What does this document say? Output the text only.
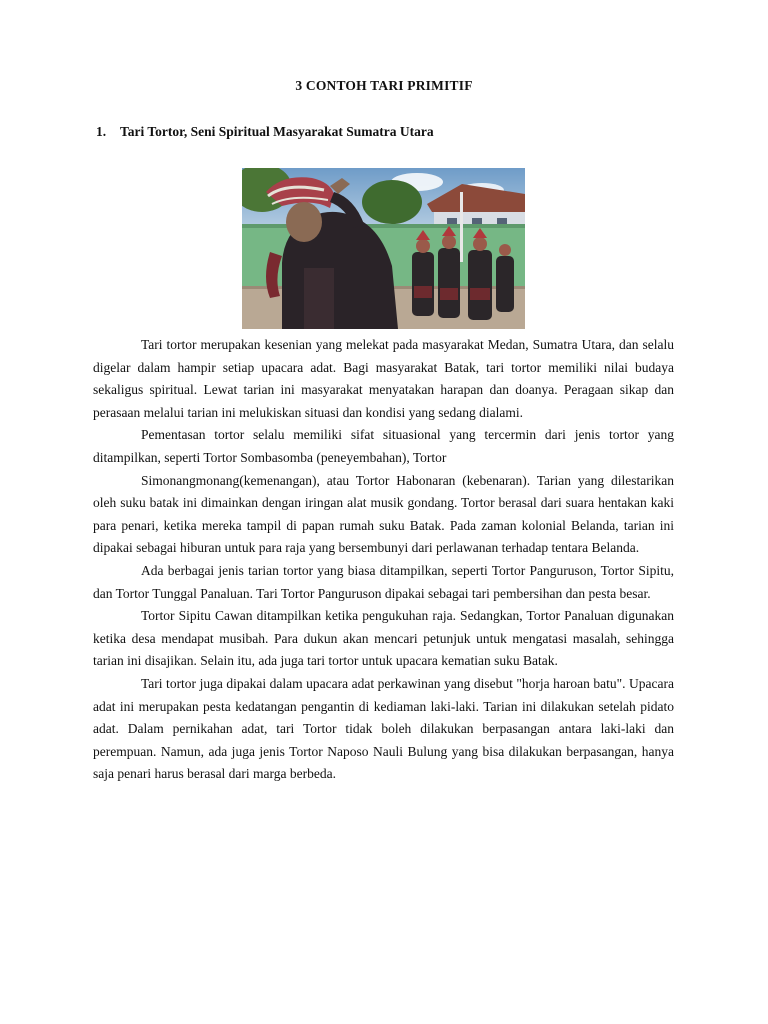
3 CONTOH TARI PRIMITIF
1. Tari Tortor, Seni Spiritual Masyarakat Sumatra Utara

Tari tortor merupakan kesenian yang melekat pada masyarakat Medan, Sumatra Utara, dan selalu digelar dalam hampir setiap upacara adat. Bagi masyarakat Batak, tari tortor memiliki nilai budaya sekaligus spiritual. Lewat tarian ini masyarakat menyatakan harapan dan doanya. Peragaan sikap dan perasaan melalui tarian ini melukiskan situasi dan kondisi yang sedang dialami.

Pementasan tortor selalu memiliki sifat situasional yang tercermin dari jenis tortor yang ditampilkan, seperti Tortor Sombasomba (peneyembahan), Tortor

Simonangmonang(kemenangan), atau Tortor Habonaran (kebenaran). Tarian yang dilestarikan oleh suku batak ini dimainkan dengan iringan alat musik gondang. Tortor berasal dari suara hentakan kaki para penari, ketika mereka tampil di papan rumah suku Batak. Pada zaman kolonial Belanda, tarian ini dipakai sebagai hiburan untuk para raja yang bersembunyi dari perlawanan terhadap tentara Belanda.

Ada berbagai jenis tarian tortor yang biasa ditampilkan, seperti Tortor Panguruson, Tortor Sipitu, dan Tortor Tunggal Panaluan. Tari Tortor Panguruson dipakai sebagai tari pembersihan dan pesta besar.

Tortor Sipitu Cawan ditampilkan ketika pengukuhan raja. Sedangkan, Tortor Panaluan digunakan ketika desa mendapat musibah. Para dukun akan mencari petunjuk untuk mengatasi masalah, sehingga tarian ini disajikan. Selain itu, ada juga tari tortor untuk upacara kematian suku Batak.

Tari tortor juga dipakai dalam upacara adat perkawinan yang disebut "horja haroan batu". Upacara adat ini merupakan pesta kedatangan pengantin di kediaman laki-laki. Tarian ini dilakukan setelah pidato adat. Dalam pernikahan adat, tari Tortor tidak boleh dilakukan berpasangan antara laki-laki dan perempuan. Namun, ada juga jenis Tortor Naposo Nauli Bulung yang bisa dilakukan berpasangan, hanya saja penari harus berasal dari marga berbeda.
